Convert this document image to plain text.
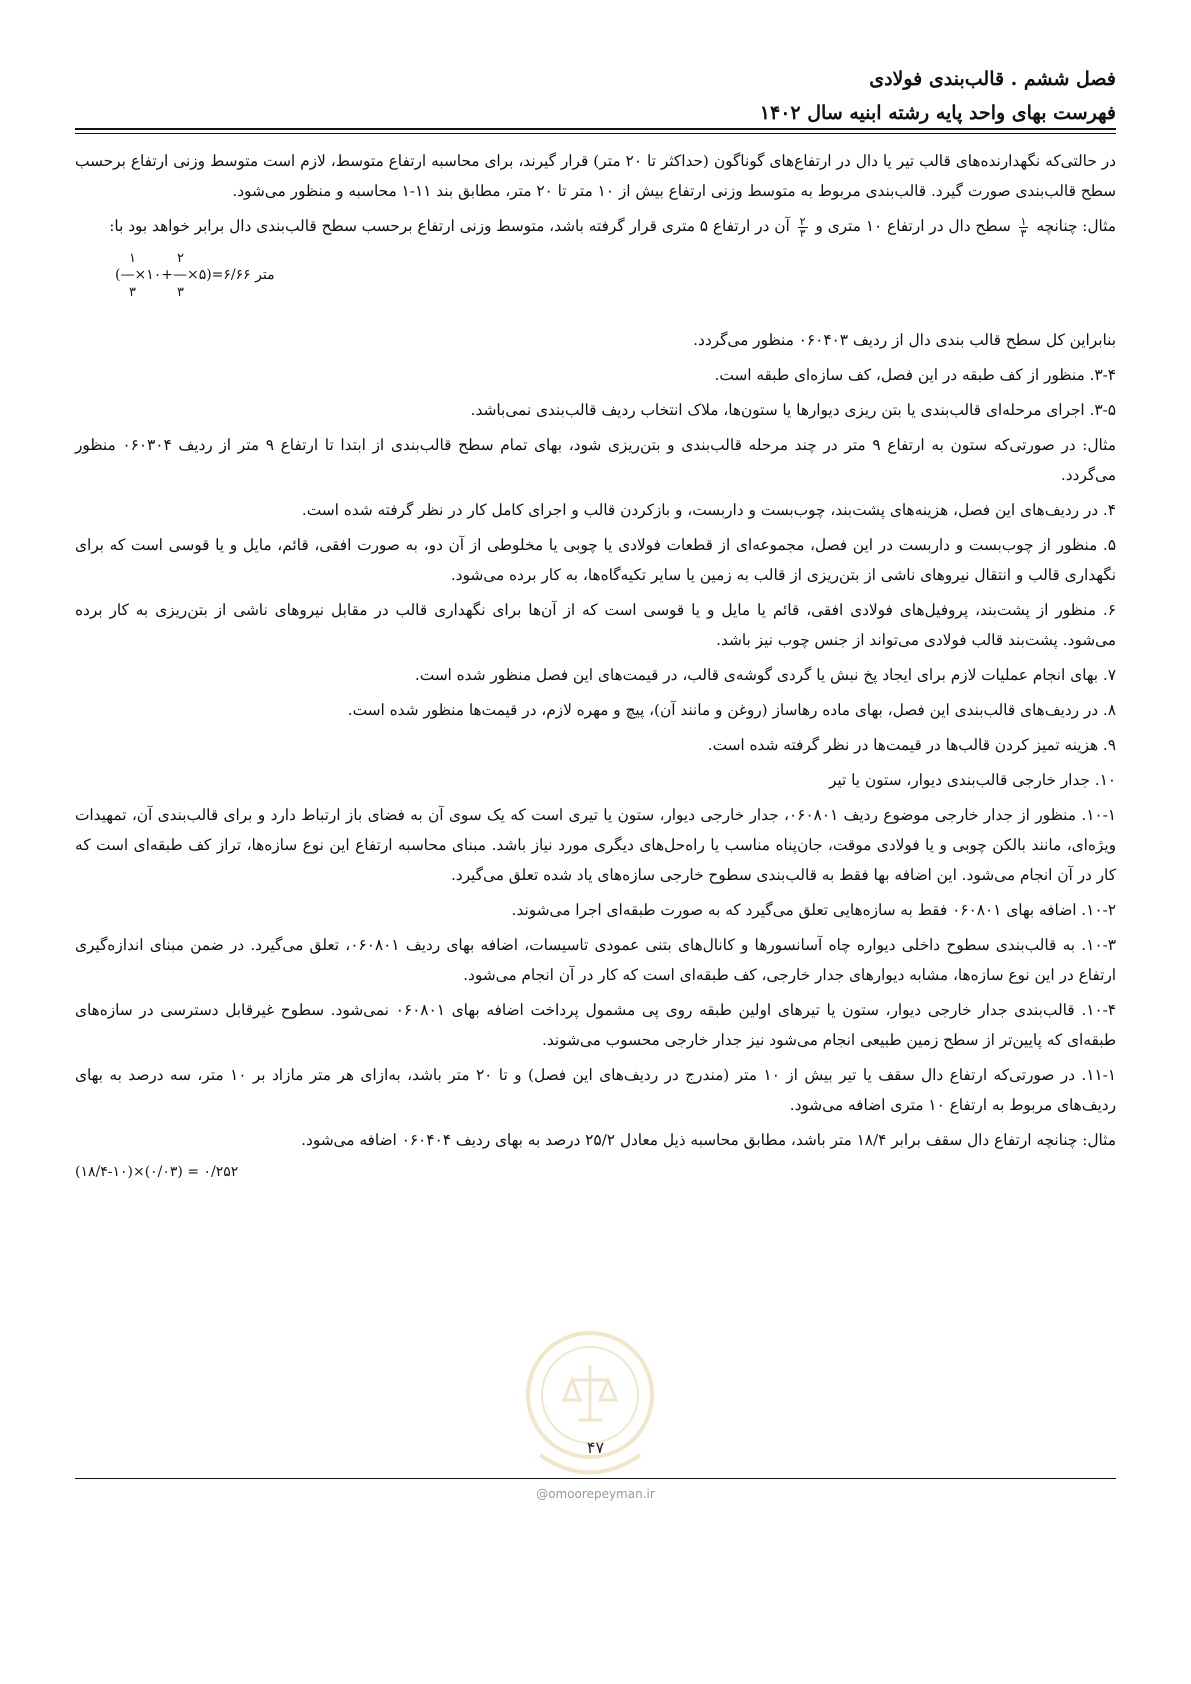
فصل ششم . قالب‌بندی فولادی
فهرست بهای واحد پایه رشته ابنیه سال ۱۴۰۲

در حالتی‌که نگهدارنده‌های قالب تیر یا دال در ارتفاع‌های گوناگون (حداکثر تا ۲۰ متر) قرار گیرند، برای محاسبه ارتفاع متوسط، لازم است متوسط وزنی ارتفاع برحسب سطح قالب‌بندی صورت گیرد. قالب‌بندی مربوط به متوسط وزنی ارتفاع بیش از ۱۰ متر تا ۲۰ متر، مطابق بند ۱۱-۱ محاسبه و منظور می‌شود.

مثال: چنانچه
$\frac{۱}{۳}$
سطح دال در ارتفاع ۱۰ متری و
$\frac{۲}{۳}$
آن در ارتفاع ۵ متری قرار گرفته باشد، متوسط وزنی ارتفاع برحسب سطح قالب‌بندی دال برابر خواهد بود با:

۱	۲
(—×۱۰+—×۵)=۶/۶۶ متر
۳	۳

بنابراین کل سطح قالب بندی دال از ردیف ۰۶۰۴۰۳ منظور می‌گردد.

۳-۴. منظور از کف طبقه در این فصل، کف سازه‌ای طبقه است.

۳-۵. اجرای مرحله‌ای قالب‌بندی یا بتن ریزی دیوارها یا ستون‌ها، ملاک انتخاب ردیف قالب‌بندی نمی‌باشد.

مثال: در صورتی‌که ستون به ارتفاع ۹ متر در چند مرحله قالب‌بندی و بتن‌ریزی شود، بهای تمام سطح قالب‌بندی از ابتدا تا ارتفاع ۹ متر از ردیف ۰۶۰۳۰۴ منظور می‌گردد.

۴. در ردیف‌های این فصل، هزینه‌های پشت‌بند، چوب‌بست و داربست، و بازکردن قالب و اجرای کامل کار در نظر گرفته شده است.

۵. منظور از چوب‌بست و داربست در این فصل، مجموعه‌ای از قطعات فولادی یا چوبی یا مخلوطی از آن دو، به صورت افقی، قائم، مایل و یا قوسی است که برای نگهداری قالب و انتقال نیروهای ناشی از بتن‌ریزی از قالب به زمین یا سایر تکیه‌گاه‌ها، به کار برده می‌شود.

۶. منظور از پشت‌بند، پروفیل‌های فولادی افقی، قائم یا مایل و یا قوسی است که از آن‌ها برای نگهداری قالب در مقابل نیروهای ناشی از بتن‌ریزی به کار برده می‌شود. پشت‌بند قالب فولادی می‌تواند از جنس چوب نیز باشد.

۷. بهای انجام عملیات لازم برای ایجاد پخ نبش یا گردی گوشه‌ی قالب، در قیمت‌های این فصل منظور شده است.

۸. در ردیف‌های قالب‌بندی این فصل، بهای ماده رهاساز (روغن و مانند آن)، پیچ و مهره لازم، در قیمت‌ها منظور شده است.

۹. هزینه تمیز کردن قالب‌ها در قیمت‌ها در نظر گرفته شده است.

۱۰. جدار خارجی قالب‌بندی دیوار، ستون یا تیر

۱۰-۱. منظور از جدار خارجی موضوع ردیف ۰۶۰۸۰۱، جدار خارجی دیوار، ستون یا تیری است که یک سوی آن به فضای باز ارتباط دارد و برای قالب‌بندی آن، تمهیدات ویژه‌ای، مانند بالکن چوبی و یا فولادی موقت، جان‌پناه مناسب یا راه‌حل‌های دیگری مورد نیاز باشد. مبنای محاسبه ارتفاع این نوع سازه‌ها، تراز کف طبقه‌ای است که کار در آن انجام می‌شود. این اضافه بها فقط به قالب‌بندی سطوح خارجی سازه‌های یاد شده تعلق می‌گیرد.

۱۰-۲. اضافه بهای ۰۶۰۸۰۱ فقط به سازه‌هایی تعلق می‌گیرد که به صورت طبقه‌ای اجرا می‌شوند.

۱۰-۳. به قالب‌بندی سطوح داخلی دیواره چاه آسانسورها و کانال‌های بتنی عمودی تاسیسات، اضافه بهای ردیف ۰۶۰۸۰۱، تعلق می‌گیرد. در ضمن مبنای اندازه‌گیری ارتفاع در این نوع سازه‌ها، مشابه دیوارهای جدار خارجی، کف طبقه‌ای است که کار در آن انجام می‌شود.

۱۰-۴. قالب‌بندی جدار خارجی دیوار، ستون یا تیرهای اولین طبقه روی پی مشمول پرداخت اضافه بهای ۰۶۰۸۰۱ نمی‌شود. سطوح غیرقابل دسترسی در سازه‌های طبقه‌ای که پایین‌تر از سطح زمین طبیعی انجام می‌شود نیز جدار خارجی محسوب می‌شوند.

۱۱-۱. در صورتی‌که ارتفاع دال سقف یا تیر بیش از ۱۰ متر (مندرج در ردیف‌های این فصل) و تا ۲۰ متر باشد، به‌ازای هر متر مازاد بر ۱۰ متر، سه درصد به بهای ردیف‌های مربوط به ارتفاع ۱۰ متری اضافه می‌شود.

مثال: چنانچه ارتفاع دال سقف برابر ۱۸/۴ متر باشد، مطابق محاسبه ذیل معادل ۲۵/۲ درصد به بهای ردیف ۰۶۰۴۰۴ اضافه می‌شود.

(۱۸/۴-۱۰)×(۰/۰۳) = ۰/۲۵۲
۴۷
@omoorepeyman.ir
